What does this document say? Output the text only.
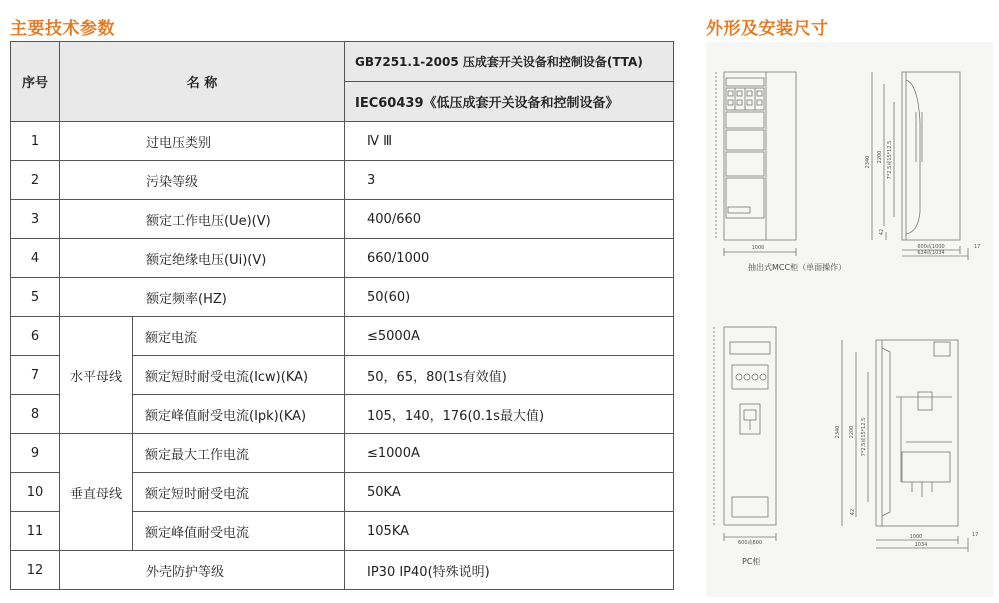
主要技术参数	外形及安装尺寸
序号	名 称		GB7251.1-2005 压成套开关设备和控制设备(TTA)
			IEC60439《低压成套开关设备和控制设备》
1	过电压类别		Ⅳ Ⅲ
2	污染等级		3
3	额定工作电压(Ue)(V)		400/660
4	额定绝缘电压(Ui)(V)		660/1000
5	额定频率(HZ)		50(60)
6	水平母线	额定电流	≤5000A
7		额定短时耐受电流(Icw)(KA)	50，65，80(1s有效值)
8		额定峰值耐受电流(Ipk)(KA)	105，140，176(0.1s最大值)
9	垂直母线	额定最大工作电流	≤1000A
10		额定短时耐受电流	50KA
11		额定峰值耐受电流	105KA
12	外壳防护等级		IP30 IP40(特殊说明)
1000	600或1000
634或1034
17
2340 2200 7*2.5或15*12.5
42
1000
1034
17
600或800
2340 2200 7*2.5或15*12.5
42
抽出式MCC柜（单面操作）
PC柜
